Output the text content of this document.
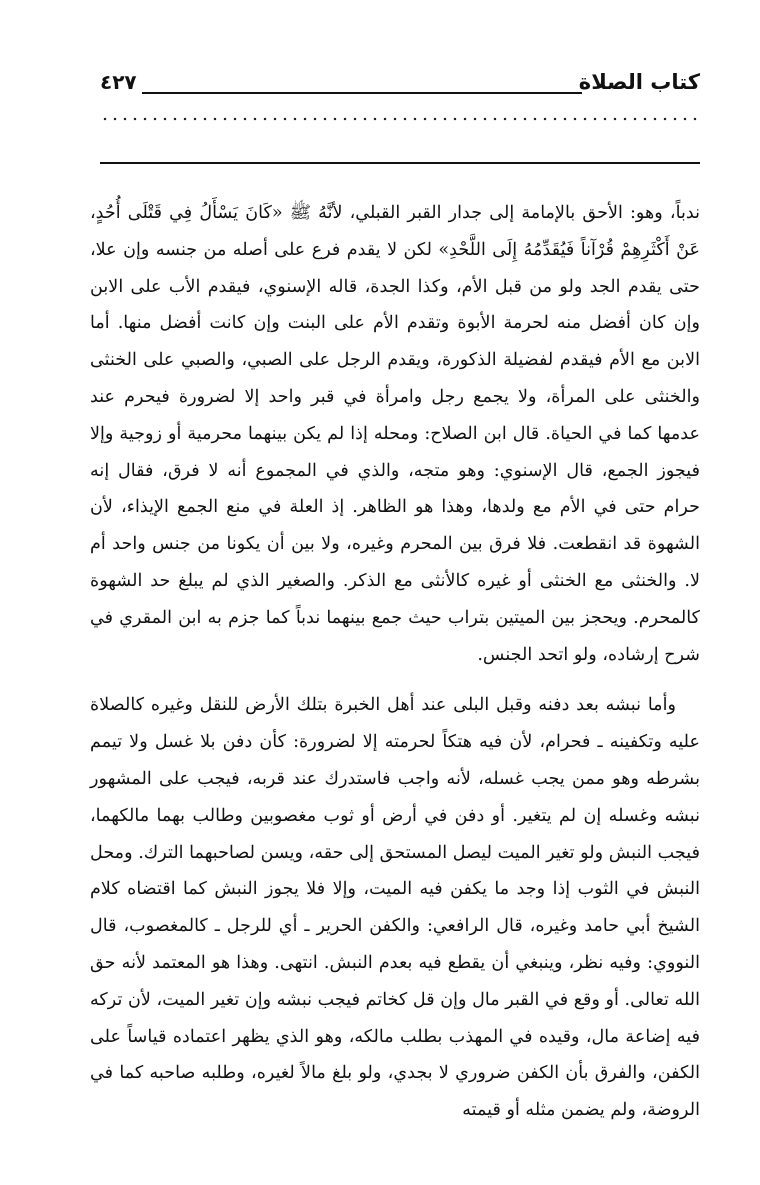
كتاب الصلاة
٤٢٧

ندباً، وهو: الأحق بالإمامة إلى جدار القبر القبلي، لأنَّهُ ﷺ «كَانَ يَسْأَلُ فِي قَتْلَى أُحُدٍ، عَنْ أَكْثَرِهِمْ قُرْآناً فَيُقَدِّمُهُ إِلَى اللَّحْدِ» لكن لا يقدم فرع على أصله من جنسه وإن علا، حتى يقدم الجد ولو من قبل الأم، وكذا الجدة، قاله الإسنوي، فيقدم الأب على الابن وإن كان أفضل منه لحرمة الأبوة وتقدم الأم على البنت وإن كانت أفضل منها. أما الابن مع الأم فيقدم لفضيلة الذكورة، ويقدم الرجل على الصبي، والصبي على الخنثى والخنثى على المرأة، ولا يجمع رجل وامرأة في قبر واحد إلا لضرورة فيحرم عند عدمها كما في الحياة. قال ابن الصلاح: ومحله إذا لم يكن بينهما محرمية أو زوجية وإلا فيجوز الجمع، قال الإسنوي: وهو متجه، والذي في المجموع أنه لا فرق، فقال إنه حرام حتى في الأم مع ولدها، وهذا هو الظاهر. إذ العلة في منع الجمع الإيذاء، لأن الشهوة قد انقطعت. فلا فرق بين المحرم وغيره، ولا بين أن يكونا من جنس واحد أم لا. والخنثى مع الخنثى أو غيره كالأنثى مع الذكر. والصغير الذي لم يبلغ حد الشهوة كالمحرم. ويحجز بين الميتين بتراب حيث جمع بينهما ندباً كما جزم به ابن المقري في شرح إرشاده، ولو اتحد الجنس.

وأما نبشه بعد دفنه وقبل البلى عند أهل الخبرة بتلك الأرض للنقل وغيره كالصلاة عليه وتكفينه ـ فحرام، لأن فيه هتكاً لحرمته إلا لضرورة: كأن دفن بلا غسل ولا تيمم بشرطه وهو ممن يجب غسله، لأنه واجب فاستدرك عند قربه، فيجب على المشهور نبشه وغسله إن لم يتغير. أو دفن في أرض أو ثوب مغصوبين وطالب بهما مالكهما، فيجب النبش ولو تغير الميت ليصل المستحق إلى حقه، ويسن لصاحبهما الترك. ومحل النبش في الثوب إذا وجد ما يكفن فيه الميت، وإلا فلا يجوز النبش كما اقتضاه كلام الشيخ أبي حامد وغيره، قال الرافعي: والكفن الحرير ـ أي للرجل ـ كالمغصوب، قال النووي: وفيه نظر، وينبغي أن يقطع فيه بعدم النبش. انتهى. وهذا هو المعتمد لأنه حق الله تعالى. أو وقع في القبر مال وإن قل كخاتم فيجب نبشه وإن تغير الميت، لأن تركه فيه إضاعة مال، وقيده في المهذب بطلب مالكه، وهو الذي يظهر اعتماده قياساً على الكفن، والفرق بأن الكفن ضروري لا بجدي، ولو بلغ مالاً لغيره، وطلبه صاحبه كما في الروضة، ولم يضمن مثله أو قيمته
